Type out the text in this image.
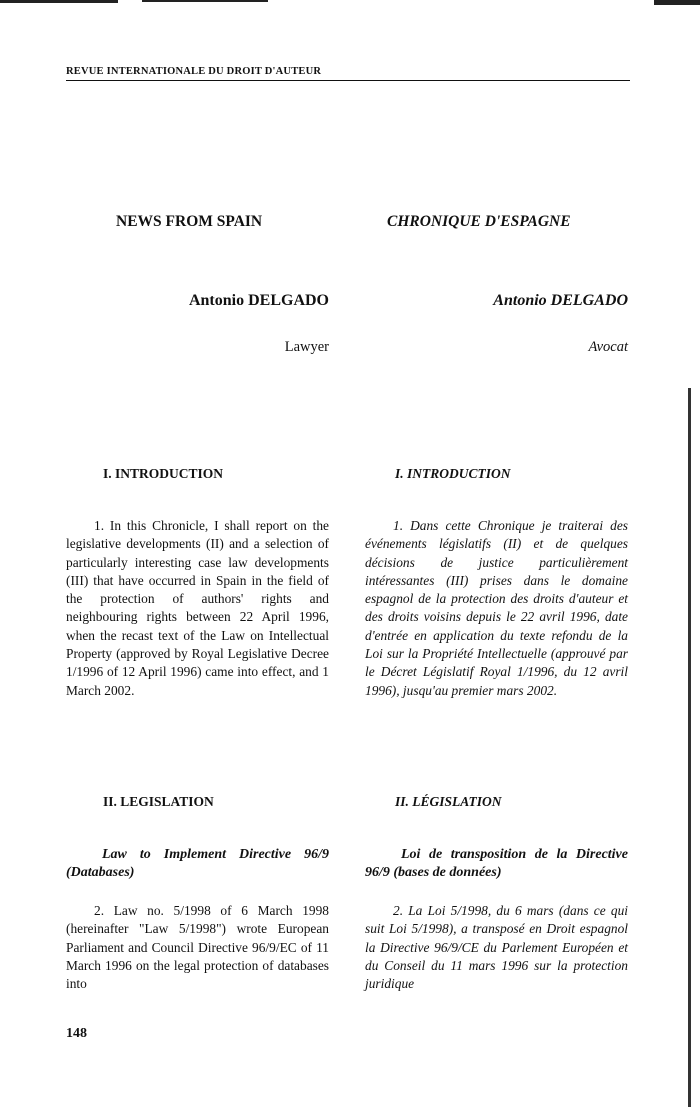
REVUE INTERNATIONALE DU DROIT D'AUTEUR
NEWS FROM SPAIN
Antonio DELGADO
Lawyer
I. INTRODUCTION

1. In this Chronicle, I shall report on the legislative developments (II) and a selection of particularly interesting case law developments (III) that have occurred in Spain in the field of the protection of authors' rights and neighbouring rights between 22 April 1996, when the recast text of the Law on Intellectual Property (approved by Royal Legislative Decree 1/1996 of 12 April 1996) came into effect, and 1 March 2002.

II. LEGISLATION

Law to Implement Directive 96/9 (Databases)

2. Law no. 5/1998 of 6 March 1998 (hereinafter "Law 5/1998") wrote European Parliament and Council Directive 96/9/EC of 11 March 1996 on the legal protection of databases into

CHRONIQUE D'ESPAGNE
Antonio DELGADO
Avocat
I. INTRODUCTION

1. Dans cette Chronique je traiterai des événements législatifs (II) et de quelques décisions de justice particulièrement intéressantes (III) prises dans le domaine espagnol de la protection des droits d'auteur et des droits voisins depuis le 22 avril 1996, date d'entrée en application du texte refondu de la Loi sur la Propriété Intellectuelle (approuvé par le Décret Législatif Royal 1/1996, du 12 avril 1996), jusqu'au premier mars 2002.

II. LÉGISLATION

Loi de transposition de la Directive 96/9 (bases de données)

2. La Loi 5/1998, du 6 mars (dans ce qui suit Loi 5/1998), a transposé en Droit espagnol la Directive 96/9/CE du Parlement Européen et du Conseil du 11 mars 1996 sur la protection juridique

148
